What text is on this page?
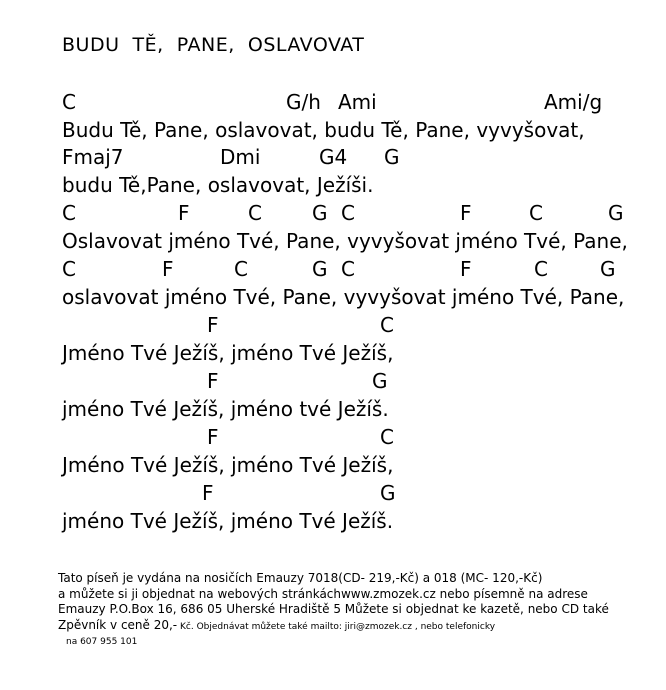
BUDU  TĚ,  PANE,  OSLAVOVAT
C	G/h Ami	Ami/g
Budu Tě, Pane, oslavovat, budu Tě, Pane, vyvyšovat,
Fmaj7	Dmi	G4 G
budu Tě,Pane, oslavovat, Ježíši.
C	F	C	G C	F	C	G
Oslavovat jméno Tvé, Pane, vyvyšovat jméno Tvé, Pane,
C	F	C	G C	F	C	G
oslavovat jméno Tvé, Pane, vyvyšovat jméno Tvé, Pane,
F	C
Jméno Tvé Ježíš, jméno Tvé Ježíš,
F	G
jméno Tvé Ježíš, jméno tvé Ježíš.
F	C
Jméno Tvé Ježíš, jméno Tvé Ježíš,
F	G
jméno Tvé Ježíš, jméno Tvé Ježíš.
Tato píseň je vydána na nosičích Emauzy 7018(CD- 219,-Kč) a 018 (MC- 120,-Kč)
a můžete si ji objednat na webových stránkáchwww.zmozek.cz nebo písemně na adrese
Emauzy P.O.Box 16, 686 05 Uherské Hradiště 5 Můžete si objednat ke kazetě, nebo CD také
Zpěvník v ceně 20,- Kč. Objednávat můžete také mailto: jiri@zmozek.cz , nebo telefonicky
na 607 955 101
